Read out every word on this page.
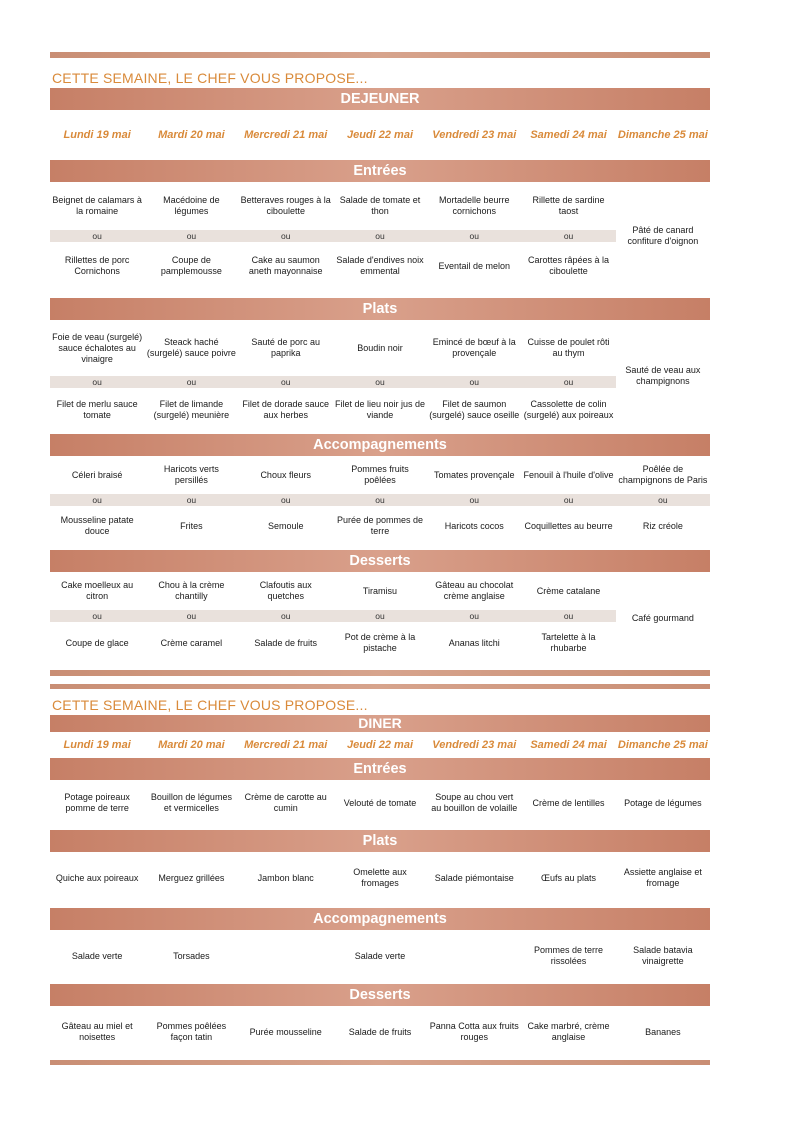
CETTE SEMAINE, LE CHEF VOUS PROPOSE...
DEJEUNER
Lundi 19 mai	Mardi 20 mai	Mercredi 21 mai	Jeudi 22 mai	Vendredi 23 mai	Samedi 24 mai	Dimanche 25 mai
Entrées
Beignet de calamars à la romaine	Macédoine de légumes	Betteraves rouges à la ciboulette	Salade de tomate et thon	Mortadelle beurre cornichons	Rillette de sardine taost	Pâté de canard confiture d'oignon
ou	ou	ou	ou	ou	ou	
Rillettes de porc Cornichons	Coupe de pamplemousse	Cake au saumon aneth mayonnaise	Salade d'endives noix emmental	Eventail de melon	Carottes râpées à la ciboulette	
Plats
Foie de veau (surgelé) sauce échalotes au vinaigre	Steack haché (surgelé) sauce poivre	Sauté de porc au paprika	Boudin noir	Emincé de bœuf à la provençale	Cuisse de poulet rôti au thym	Sauté de veau aux champignons
ou	ou	ou	ou	ou	ou	
Filet de merlu sauce tomate	Filet de limande (surgelé) meunière	Filet de dorade sauce aux herbes	Filet de lieu noir jus de viande	Filet de saumon (surgelé) sauce oseille	Cassolette de colin (surgelé) aux poireaux	
Accompagnements
Céleri braisé	Haricots verts persillés	Choux fleurs	Pommes fruits poêlées	Tomates provençale	Fenouil à l'huile d'olive	Poêlée de champignons de Paris
ou	ou	ou	ou	ou	ou	ou
Mousseline patate douce	Frites	Semoule	Purée de pommes de terre	Haricots cocos	Coquillettes au beurre	Riz créole
Desserts
Cake moelleux au citron	Chou à la crème chantilly	Clafoutis aux quetches	Tiramisu	Gâteau au chocolat crème anglaise	Crème catalane	Café gourmand
ou	ou	ou	ou	ou	ou	
Coupe de glace	Crème caramel	Salade de fruits	Pot de crème à la pistache	Ananas litchi	Tartelette à la rhubarbe	
CETTE SEMAINE, LE CHEF VOUS PROPOSE...
DINER
Lundi 19 mai	Mardi 20 mai	Mercredi 21 mai	Jeudi 22 mai	Vendredi 23 mai	Samedi 24 mai	Dimanche 25 mai
Entrées
Potage poireaux pomme de terre	Bouillon de légumes et vermicelles	Crème de carotte au cumin	Velouté de tomate	Soupe au chou vert au bouillon de volaille	Crème de lentilles	Potage de légumes
Plats
Quiche aux poireaux	Merguez grillées	Jambon blanc	Omelette aux fromages	Salade piémontaise	Œufs au plats	Assiette anglaise et fromage
Accompagnements
Salade verte	Torsades		Salade verte		Pommes de terre rissolées	Salade batavia vinaigrette
Desserts
Gâteau au miel et noisettes	Pommes poêlées façon tatin	Purée mousseline	Salade de fruits	Panna Cotta aux fruits rouges	Cake marbré, crème anglaise	Bananes
